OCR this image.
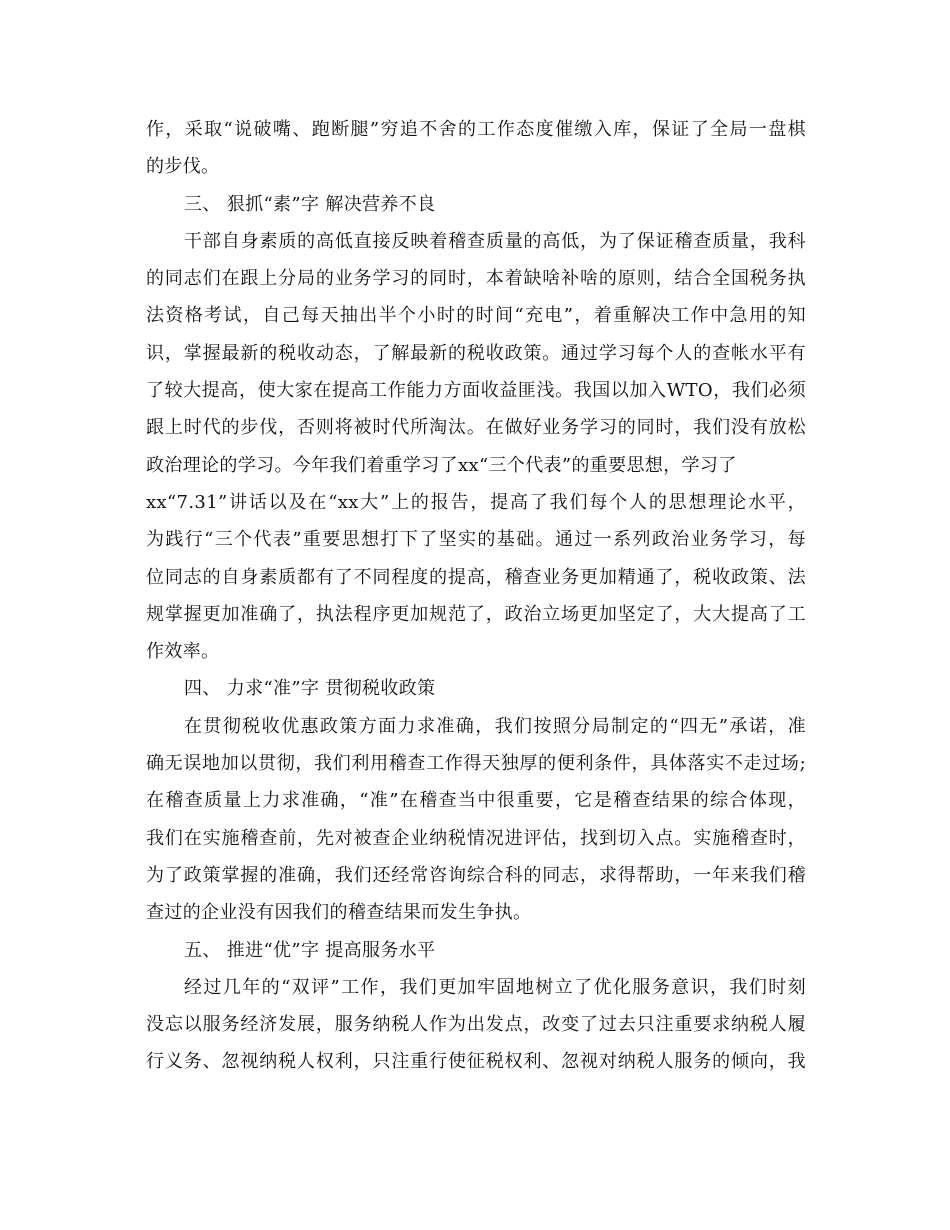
作，采取“说破嘴、跑断腿”穷追不舍的工作态度催缴入库，保证了全局一盘棋
的步伐。
三、 狠抓“素”字 解决营养不良
干部自身素质的高低直接反映着稽查质量的高低，为了保证稽查质量，我科
的同志们在跟上分局的业务学习的同时，本着缺啥补啥的原则，结合全国税务执
法资格考试，自己每天抽出半个小时的时间“充电”，着重解决工作中急用的知
识，掌握最新的税收动态，了解最新的税收政策。通过学习每个人的查帐水平有
了较大提高，使大家在提高工作能力方面收益匪浅。我国以加入WTO，我们必须
跟上时代的步伐，否则将被时代所淘汰。在做好业务学习的同时，我们没有放松
政治理论的学习。今年我们着重学习了xx“三个代表”的重要思想，学习了
xx“7.31”讲话以及在“xx大”上的报告，提高了我们每个人的思想理论水平，
为践行“三个代表”重要思想打下了坚实的基础。通过一系列政治业务学习，每
位同志的自身素质都有了不同程度的提高，稽查业务更加精通了，税收政策、法
规掌握更加准确了，执法程序更加规范了，政治立场更加坚定了，大大提高了工
作效率。
四、 力求“准”字 贯彻税收政策
在贯彻税收优惠政策方面力求准确，我们按照分局制定的“四无”承诺，准
确无误地加以贯彻，我们利用稽查工作得天独厚的便利条件，具体落实不走过场;
在稽查质量上力求准确，“准”在稽查当中很重要，它是稽查结果的综合体现，
我们在实施稽查前，先对被查企业纳税情况进评估，找到切入点。实施稽查时，
为了政策掌握的准确，我们还经常咨询综合科的同志，求得帮助，一年来我们稽
查过的企业没有因我们的稽查结果而发生争执。
五、 推进“优”字 提高服务水平
经过几年的“双评”工作，我们更加牢固地树立了优化服务意识，我们时刻
没忘以服务经济发展，服务纳税人作为出发点，改变了过去只注重要求纳税人履
行义务、忽视纳税人权利，只注重行使征税权利、忽视对纳税人服务的倾向，我
